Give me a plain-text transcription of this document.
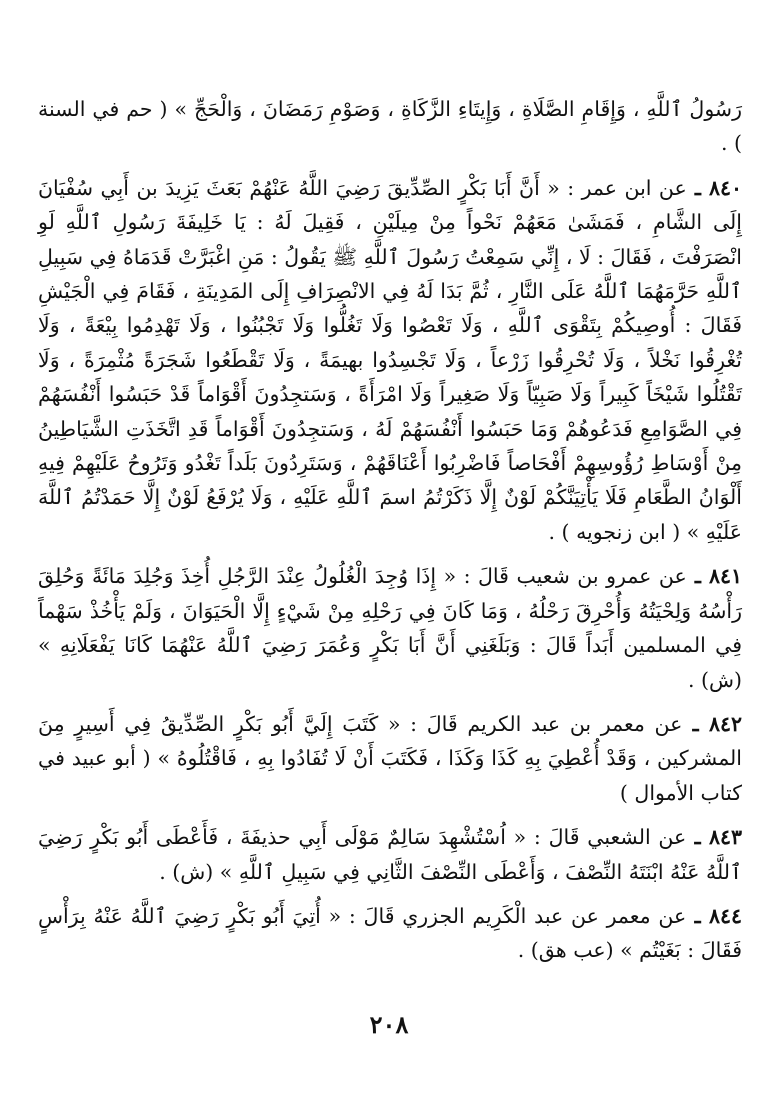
رَسُولُ ٱللَّهِ ، وَإِقَامِ الصَّلَاةِ ، وَإِيتَاءِ الزَّكَاةِ ، وَصَوْمِ رَمَضَانَ ، وَالْحَجِّ » ( حم في السنة ) .

٨٤٠ ـ عن ابن عمر : « أَنَّ أَبَا بَكْرٍ الصِّدِّيقَ رَضِيَ اللَّهُ عَنْهُمْ بَعَثَ يَزِيدَ بن أَبِي سُفْيَانَ إِلَى الشَّامِ ، فَمَشَىٰ مَعَهُمْ نَحْواً مِنْ مِيلَيْنِ ، فَقِيلَ لَهُ : يَا خَلِيفَةَ رَسُولِ ٱللَّهِ لَوِ انْصَرَفْتَ ، فَقَالَ : لَا ، إِنِّي سَمِعْتُ رَسُولَ ٱللَّهِ ﷺ يَقُولُ : مَنِ اغْبَرَّتْ قَدَمَاهُ فِي سَبِيلِ ٱللَّهِ حَرَّمَهُمَا ٱللَّهُ عَلَى النَّارِ ، ثُمَّ بَدَا لَهُ فِي الانْصِرَافِ إِلَى المَدِينَةِ ، فَقَامَ فِي الْجَيْشِ فَقَالَ : أُوصِيكُمْ بِتَقْوَى ٱللَّهِ ، وَلَا تَعْصُوا وَلَا تَغُلُّوا وَلَا تَجْبُنُوا ، وَلَا تَهْدِمُوا بِيْعَةً ، وَلَا تُغْرِقُوا نَخْلاً ، وَلَا تُحْرِقُوا زَرْعاً ، وَلَا تَجْسِدُوا بهيمَةً ، وَلَا تَقْطَعُوا شَجَرَةً مُثْمِرَةً ، وَلَا تَقْتُلُوا شَيْخَاً كَبِيراً وَلَا صَبِيّاً وَلَا صَغِيراً وَلَا امْرَأَةً ، وَسَتجِدُونَ أَقْوَاماً قَدْ حَبَسُوا أَنْفُسَهُمْ فِي الصَّوَامِعِ فَدَعُوهُمْ وَمَا حَبَسُوا أَنْفُسَهُمْ لَهُ ، وَسَتجِدُونَ أَقْوَاماً قَدِ اتَّخَذَتِ الشَّيَاطِينُ مِنْ أَوْسَاطِ رُؤُوسِهِمْ أَفْحَاصاً فَاضْرِبُوا أَعْنَاقَهُمْ ، وَسَتَرِدُونَ بَلَداً تَغْدُو وَتَرُوحُ عَلَيْهِمْ فِيهِ أَلْوَانُ الطَّعَامِ فَلَا يَأْتِيَنَّكُمْ لَوْنٌ إِلَّا ذَكَرْتُمُ اسمَ ٱللَّهِ عَلَيْهِ ، وَلَا يُرْفَعُ لَوْنٌ إِلَّا حَمَدْتُمُ ٱللَّهَ عَلَيْهِ » ( ابن زنجويه ) .

٨٤١ ـ عن عمرو بن شعيب قَالَ : « إِذَا وُجِدَ الْغُلُولُ عِنْدَ الرَّجُلِ أُخِذَ وَجُلِدَ مَائَةً وَحُلِقَ رَأْسُهُ وَلِحْيَتُهُ وَأُحْرِقَ رَحْلُهُ ، وَمَا كَانَ فِي رَحْلِهِ مِنْ شَيْءٍ إِلَّا الْحَيَوَانَ ، وَلَمْ يَأْخُذْ سَهْماً فِي المسلمين أَبَداً قَالَ : وَبَلَغَنِي أَنَّ أَبَا بَكْرٍ وَعُمَرَ رَضِيَ ٱللَّهُ عَنْهُمَا كَانَا يَفْعَلَانِهِ » (ش) .

٨٤٢ ـ عن معمر بن عبد الكريم قَالَ : « كَتَبَ إِلَيَّ أَبُو بَكْرٍ الصِّدِّيقُ فِي أَسِيرٍ مِنَ المشركين ، وَقَدْ أُعْطِيَ بِهِ كَذَا وَكَذَا ، فَكَتَبَ أَنْ لَا تُفَادُوا بِهِ ، فَاقْتُلُوهُ » ( أبو عبيد في كتاب الأموال )

٨٤٣ ـ عن الشعبي قَالَ : « اُسْتُشْهِدَ سَالِمٌ مَوْلَى أَبِي حذيفَةَ ، فَأَعْطَى أَبُو بَكْرٍ رَضِيَ ٱللَّهُ عَنْهُ ابْنَتَهُ النِّصْفَ ، وَأَعْطَى النِّصْفَ الثَّانِي فِي سَبِيلِ ٱللَّهِ » (ش) .

٨٤٤ ـ عن معمر عن عبد الْكَرِيم الجزري قَالَ : « أُتِيَ أَبُو بَكْرٍ رَضِيَ ٱللَّهُ عَنْهُ بِرَأْسٍ فَقَالَ : بَغَيْتُم » (عب هق) .

٢٠٨
